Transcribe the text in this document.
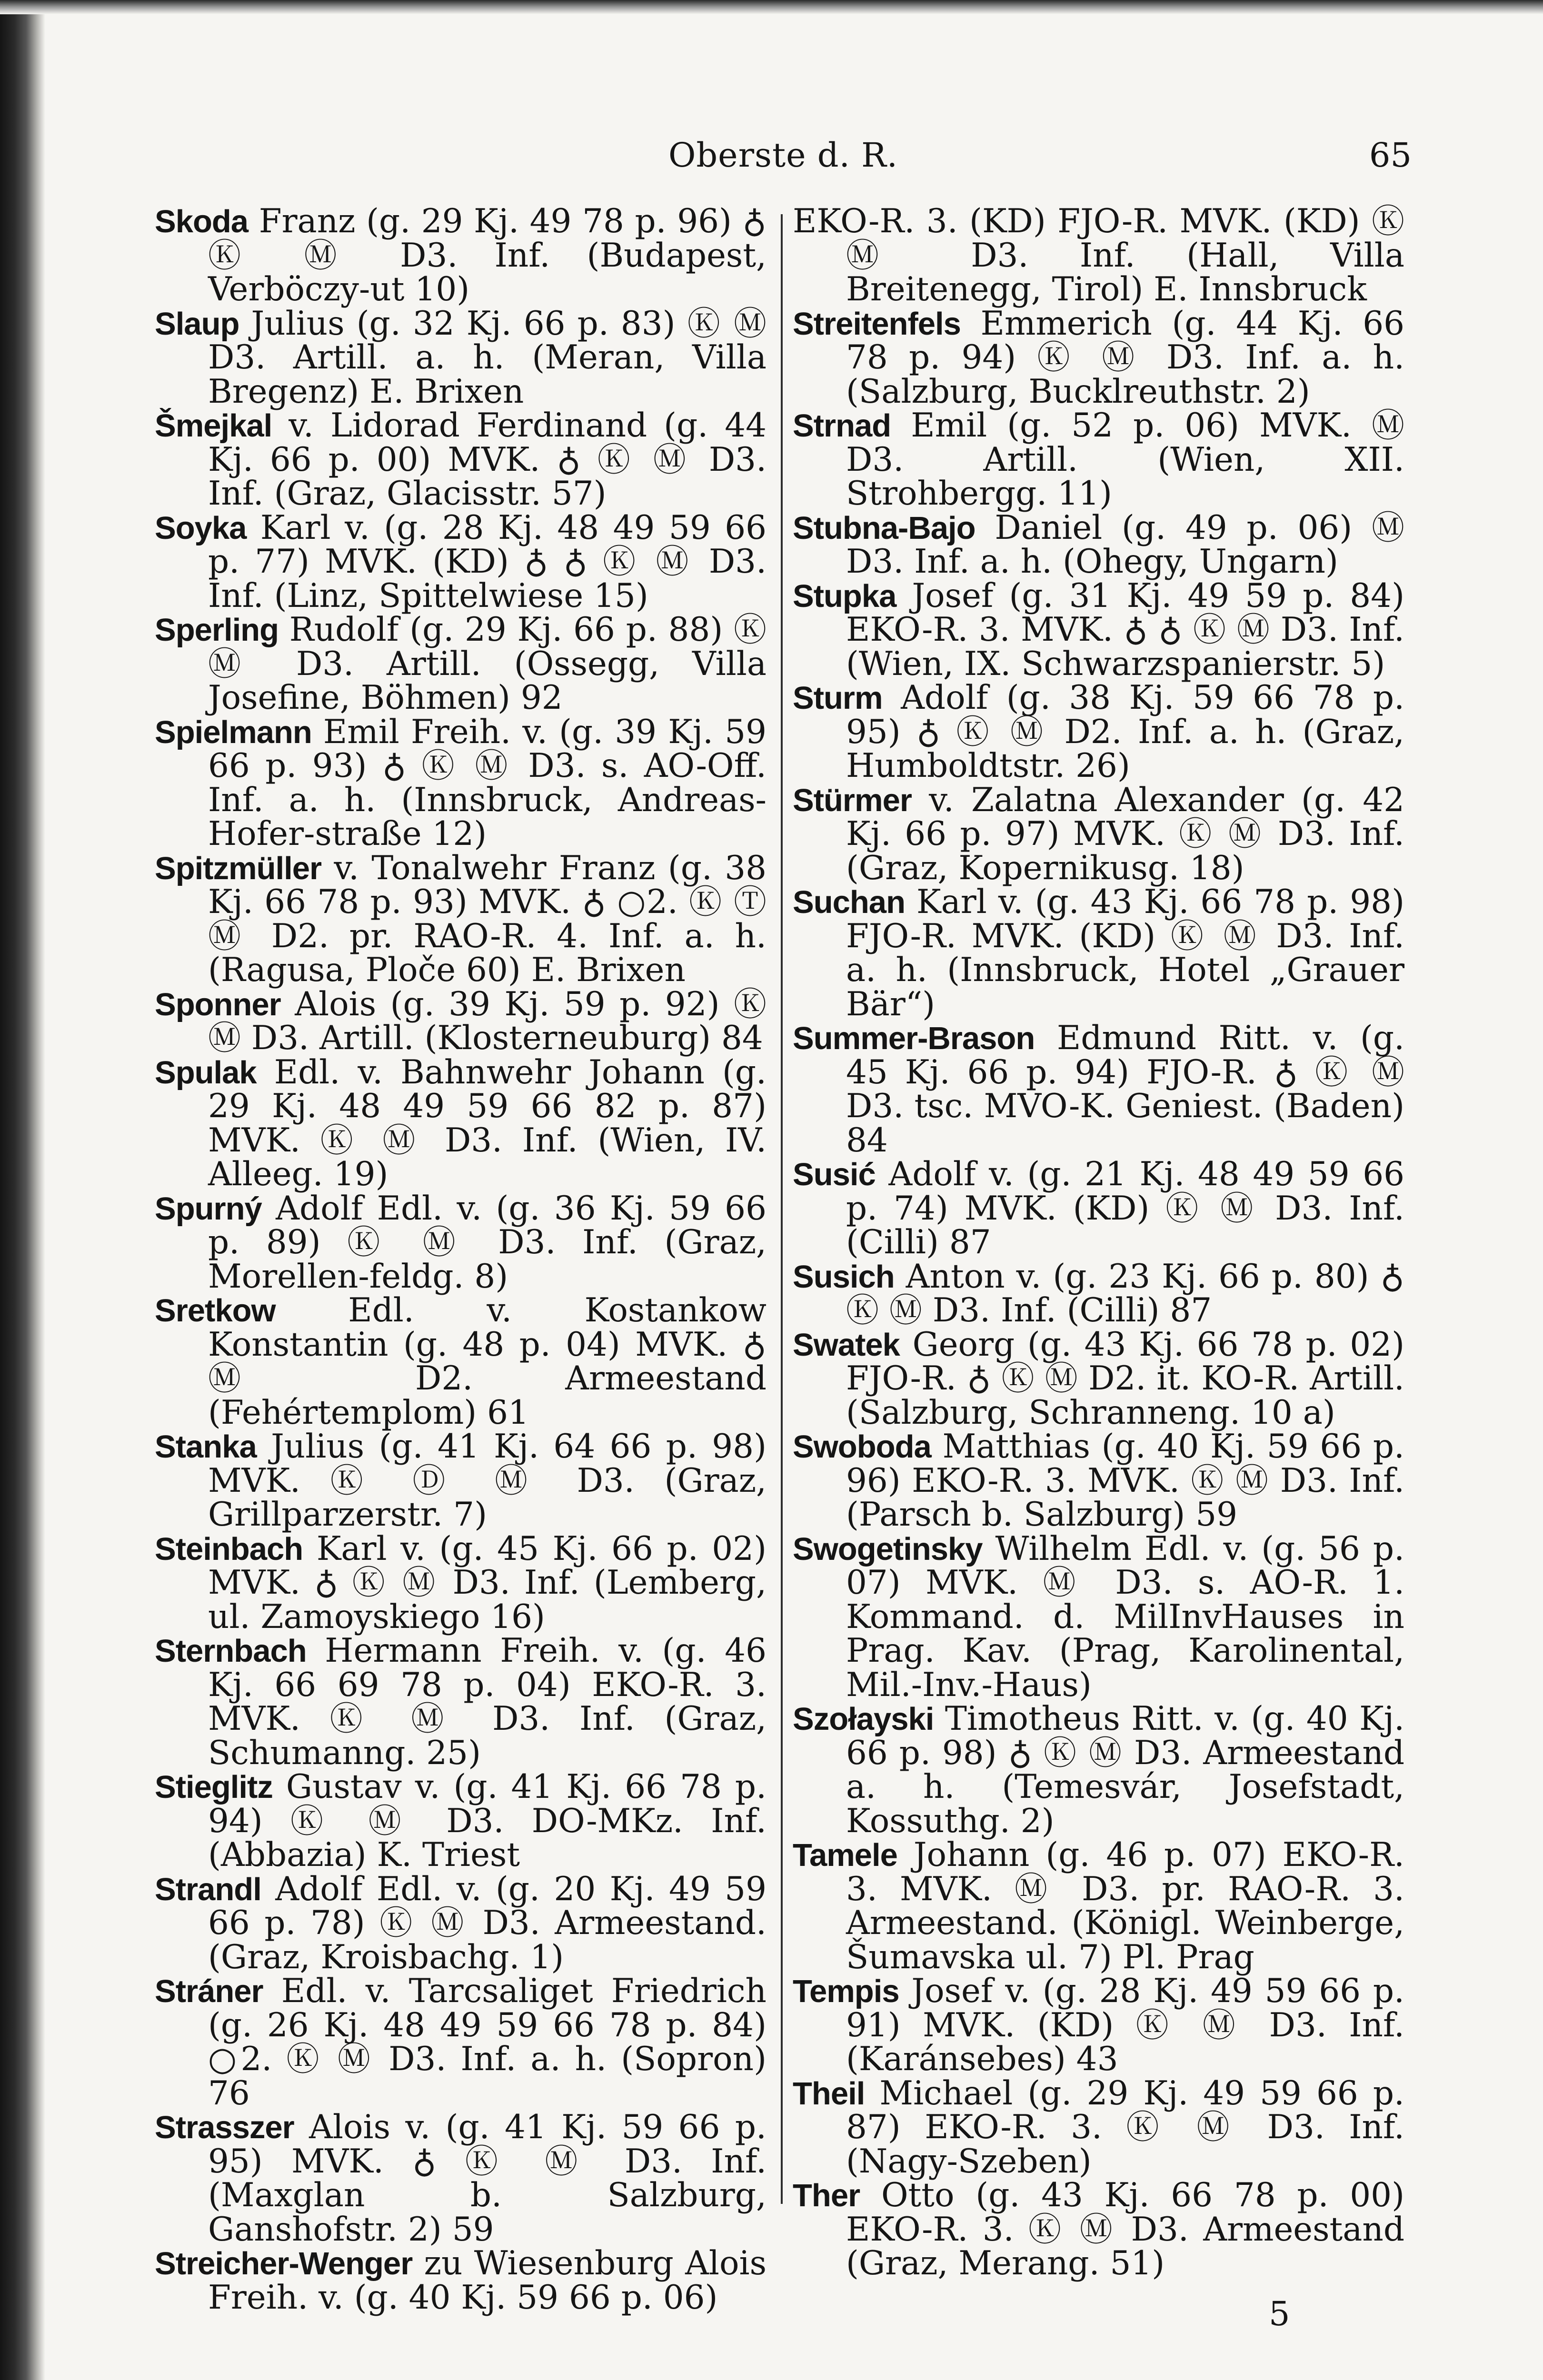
Oberste d. R.	65
Skoda Franz (g. 29 Kj. 49 78 p. 96) ♁ Ⓚ Ⓜ D3. Inf. (Budapest, Verböczy-ut 10)
Slaup Julius (g. 32 Kj. 66 p. 83) Ⓚ Ⓜ D3. Artill. a. h. (Meran, Villa Bregenz) E. Brixen
Šmejkal v. Lidorad Ferdinand (g. 44 Kj. 66 p. 00) MVK. ♁ Ⓚ Ⓜ D3. Inf. (Graz, Glacisstr. 57)
Soyka Karl v. (g. 28 Kj. 48 49 59 66 p. 77) MVK. (KD) ♁ ♁ Ⓚ Ⓜ D3. Inf. (Linz, Spittelwiese 15)
Sperling Rudolf (g. 29 Kj. 66 p. 88) Ⓚ Ⓜ D3. Artill. (Ossegg, Villa Josefine, Böhmen) 92
Spielmann Emil Freih. v. (g. 39 Kj. 59 66 p. 93) ♁ Ⓚ Ⓜ D3. s. AO-Off. Inf. a. h. (Innsbruck, Andreas-Hofer-straße 12)
Spitzmüller v. Tonalwehr Franz (g. 38 Kj. 66 78 p. 93) MVK. ♁ ○2. Ⓚ Ⓣ Ⓜ D2. pr. RAO-R. 4. Inf. a. h. (Ragusa, Ploče 60) E. Brixen
Sponner Alois (g. 39 Kj. 59 p. 92) Ⓚ Ⓜ D3. Artill. (Klosterneuburg) 84
Spulak Edl. v. Bahnwehr Johann (g. 29 Kj. 48 49 59 66 82 p. 87) MVK. Ⓚ Ⓜ D3. Inf. (Wien, IV. Alleeg. 19)
Spurný Adolf Edl. v. (g. 36 Kj. 59 66 p. 89) Ⓚ Ⓜ D3. Inf. (Graz, Morellen-feldg. 8)
Sretkow Edl. v. Kostankow Konstantin (g. 48 p. 04) MVK. ♁ Ⓜ D2. Armeestand (Fehértemplom) 61
Stanka Julius (g. 41 Kj. 64 66 p. 98) MVK. Ⓚ Ⓓ Ⓜ D3. (Graz, Grillparzerstr. 7)
Steinbach Karl v. (g. 45 Kj. 66 p. 02) MVK. ♁ Ⓚ Ⓜ D3. Inf. (Lemberg, ul. Zamoyskiego 16)
Sternbach Hermann Freih. v. (g. 46 Kj. 66 69 78 p. 04) EKO-R. 3. MVK. Ⓚ Ⓜ D3. Inf. (Graz, Schumanng. 25)
Stieglitz Gustav v. (g. 41 Kj. 66 78 p. 94) Ⓚ Ⓜ D3. DO-MKz. Inf. (Abbazia) K. Triest
Strandl Adolf Edl. v. (g. 20 Kj. 49 59 66 p. 78) Ⓚ Ⓜ D3. Armeestand. (Graz, Kroisbachg. 1)
Stráner Edl. v. Tarcsaliget Friedrich (g. 26 Kj. 48 49 59 66 78 p. 84) ○2. Ⓚ Ⓜ D3. Inf. a. h. (Sopron) 76
Strasszer Alois v. (g. 41 Kj. 59 66 p. 95) MVK. ♁ Ⓚ Ⓜ D3. Inf. (Maxglan b. Salzburg, Ganshofstr. 2) 59
Streicher-Wenger zu Wiesenburg Alois Freih. v. (g. 40 Kj. 59 66 p. 06)
EKO-R. 3. (KD) FJO-R. MVK. (KD) Ⓚ Ⓜ D3. Inf. (Hall, Villa Breitenegg, Tirol) E. Innsbruck
Streitenfels Emmerich (g. 44 Kj. 66 78 p. 94) Ⓚ Ⓜ D3. Inf. a. h. (Salzburg, Bucklreuthstr. 2)
Strnad Emil (g. 52 p. 06) MVK. Ⓜ D3. Artill. (Wien, XII. Strohbergg. 11)
Stubna-Bajo Daniel (g. 49 p. 06) Ⓜ D3. Inf. a. h. (Ohegy, Ungarn)
Stupka Josef (g. 31 Kj. 49 59 p. 84) EKO-R. 3. MVK. ♁ ♁ Ⓚ Ⓜ D3. Inf. (Wien, IX. Schwarzspanierstr. 5)
Sturm Adolf (g. 38 Kj. 59 66 78 p. 95) ♁ Ⓚ Ⓜ D2. Inf. a. h. (Graz, Humboldtstr. 26)
Stürmer v. Zalatna Alexander (g. 42 Kj. 66 p. 97) MVK. Ⓚ Ⓜ D3. Inf. (Graz, Kopernikusg. 18)
Suchan Karl v. (g. 43 Kj. 66 78 p. 98) FJO-R. MVK. (KD) Ⓚ Ⓜ D3. Inf. a. h. (Innsbruck, Hotel „Grauer Bär“)
Summer-Brason Edmund Ritt. v. (g. 45 Kj. 66 p. 94) FJO-R. ♁ Ⓚ Ⓜ D3. tsc. MVO-K. Geniest. (Baden) 84
Susić Adolf v. (g. 21 Kj. 48 49 59 66 p. 74) MVK. (KD) Ⓚ Ⓜ D3. Inf. (Cilli) 87
Susich Anton v. (g. 23 Kj. 66 p. 80) ♁ Ⓚ Ⓜ D3. Inf. (Cilli) 87
Swatek Georg (g. 43 Kj. 66 78 p. 02) FJO-R. ♁ Ⓚ Ⓜ D2. it. KO-R. Artill. (Salzburg, Schranneng. 10 a)
Swoboda Matthias (g. 40 Kj. 59 66 p. 96) EKO-R. 3. MVK. Ⓚ Ⓜ D3. Inf. (Parsch b. Salzburg) 59
Swogetinsky Wilhelm Edl. v. (g. 56 p. 07) MVK. Ⓜ D3. s. AO-R. 1. Kommand. d. MilInvHauses in Prag. Kav. (Prag, Karolinental, Mil.-Inv.-Haus)
Szołayski Timotheus Ritt. v. (g. 40 Kj. 66 p. 98) ♁ Ⓚ Ⓜ D3. Armeestand a. h. (Temesvár, Josefstadt, Kossuthg. 2)
Tamele Johann (g. 46 p. 07) EKO-R. 3. MVK. Ⓜ D3. pr. RAO-R. 3. Armeestand. (Königl. Weinberge, Šumavska ul. 7) Pl. Prag
Tempis Josef v. (g. 28 Kj. 49 59 66 p. 91) MVK. (KD) Ⓚ Ⓜ D3. Inf. (Karánsebes) 43
Theil Michael (g. 29 Kj. 49 59 66 p. 87) EKO-R. 3. Ⓚ Ⓜ D3. Inf. (Nagy-Szeben)
Ther Otto (g. 43 Kj. 66 78 p. 00) EKO-R. 3. Ⓚ Ⓜ D3. Armeestand (Graz, Merang. 51)
5
